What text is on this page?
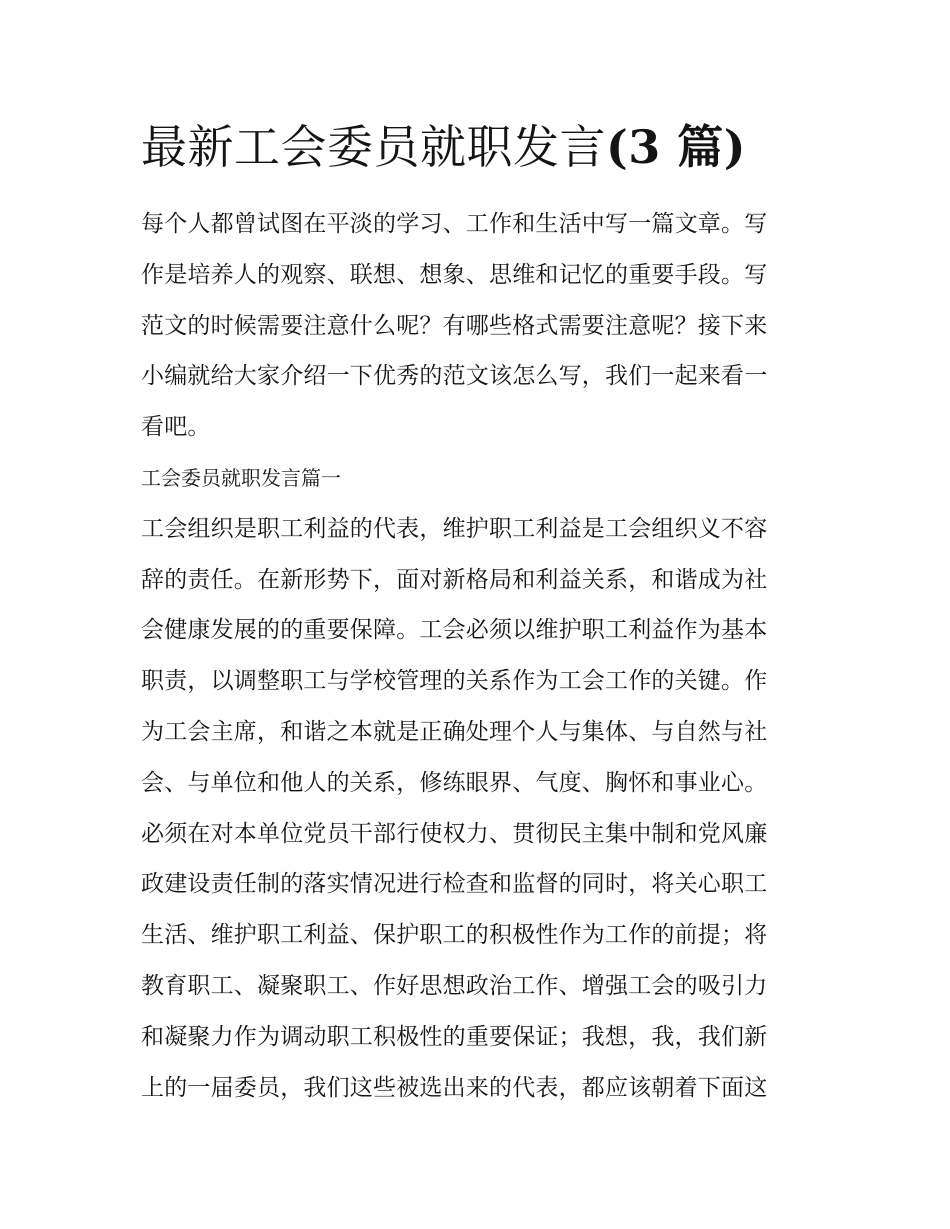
最新工会委员就职发言(3 篇)
每个人都曾试图在平淡的学习、工作和生活中写一篇文章。写
作是培养人的观察、联想、想象、思维和记忆的重要手段。写
范文的时候需要注意什么呢？有哪些格式需要注意呢？接下来
小编就给大家介绍一下优秀的范文该怎么写，我们一起来看一
看吧。
工会委员就职发言篇一
工会组织是职工利益的代表，维护职工利益是工会组织义不容
辞的责任。在新形势下，面对新格局和利益关系，和谐成为社
会健康发展的的重要保障。工会必须以维护职工利益作为基本
职责，以调整职工与学校管理的关系作为工会工作的关键。作
为工会主席，和谐之本就是正确处理个人与集体、与自然与社
会、与单位和他人的关系，修练眼界、气度、胸怀和事业心。
必须在对本单位党员干部行使权力、贯彻民主集中制和党风廉
政建设责任制的落实情况进行检查和监督的同时，将关心职工
生活、维护职工利益、保护职工的积极性作为工作的前提；将
教育职工、凝聚职工、作好思想政治工作、增强工会的吸引力
和凝聚力作为调动职工积极性的重要保证；我想，我，我们新
上的一届委员，我们这些被选出来的代表，都应该朝着下面这
